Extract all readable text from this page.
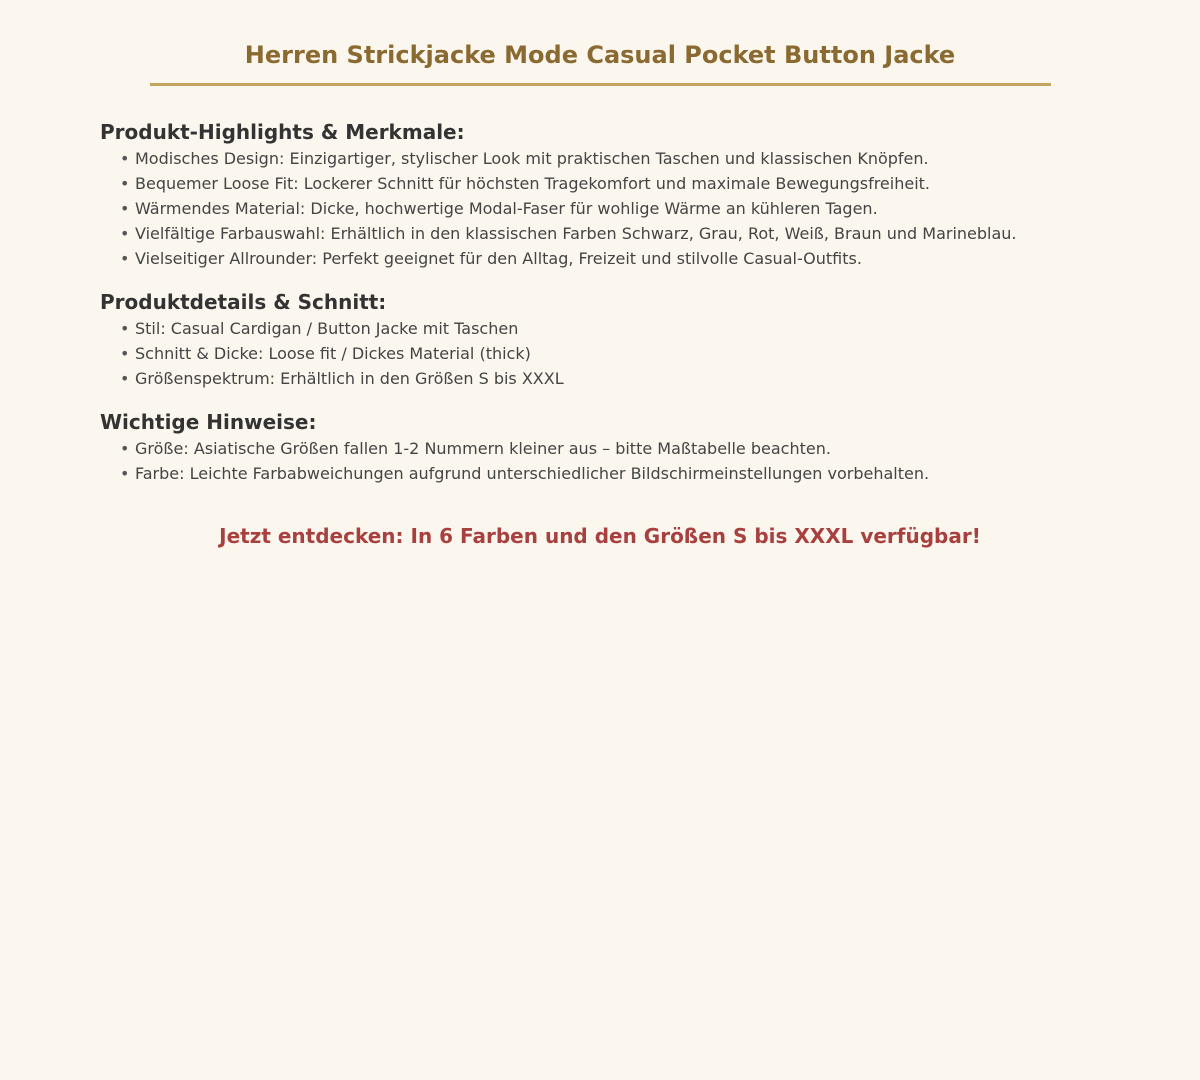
Herren Strickjacke Mode Casual Pocket Button Jacke
Produkt-Highlights & Merkmale:
• Modisches Design: Einzigartiger, stylischer Look mit praktischen Taschen und klassischen Knöpfen.
• Bequemer Loose Fit: Lockerer Schnitt für höchsten Tragekomfort und maximale Bewegungsfreiheit.
• Wärmendes Material: Dicke, hochwertige Modal-Faser für wohlige Wärme an kühleren Tagen.
• Vielfältige Farbauswahl: Erhältlich in den klassischen Farben Schwarz, Grau, Rot, Weiß, Braun und Marineblau.
• Vielseitiger Allrounder: Perfekt geeignet für den Alltag, Freizeit und stilvolle Casual-Outfits.
Produktdetails & Schnitt:
• Stil: Casual Cardigan / Button Jacke mit Taschen
• Schnitt & Dicke: Loose fit / Dickes Material (thick)
• Größenspektrum: Erhältlich in den Größen S bis XXXL
Wichtige Hinweise:
• Größe: Asiatische Größen fallen 1-2 Nummern kleiner aus – bitte Maßtabelle beachten.
• Farbe: Leichte Farbabweichungen aufgrund unterschiedlicher Bildschirmeinstellungen vorbehalten.

Jetzt entdecken: In 6 Farben und den Größen S bis XXXL verfügbar!
